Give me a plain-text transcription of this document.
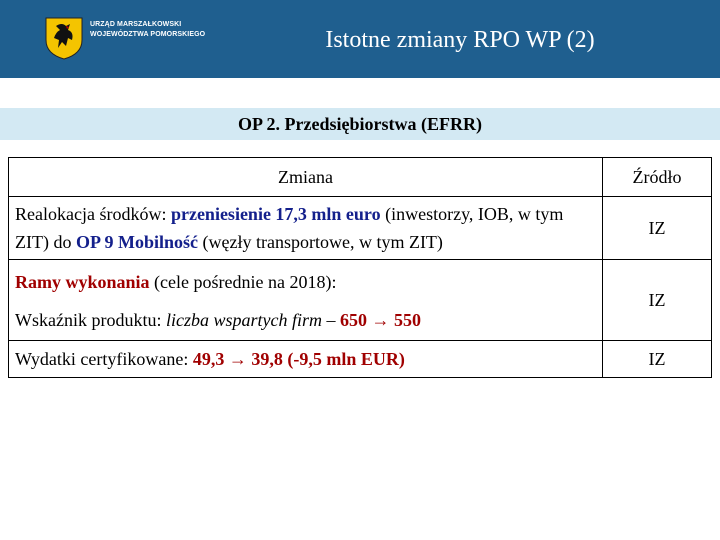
URZĄD MARSZAŁKOWSKI
WOJEWÓDZTWA POMORSKIEGO	Istotne zmiany RPO WP (2)
OP 2. Przedsiębiorstwa (EFRR)
Zmiana	Źródło

Realokacja środków: przeniesienie 17,3 mln euro (inwestorzy, IOB, w tym ZIT) do OP 9 Mobilność (węzły transportowe, w tym ZIT)	IZ

Ramy wykonania (cele pośrednie na 2018):
Wskaźnik produktu: liczba wspartych firm – 650 → 550	IZ
Wydatki certyfikowane: 49,3 → 39,8 (-9,5 mln EUR)	IZ
